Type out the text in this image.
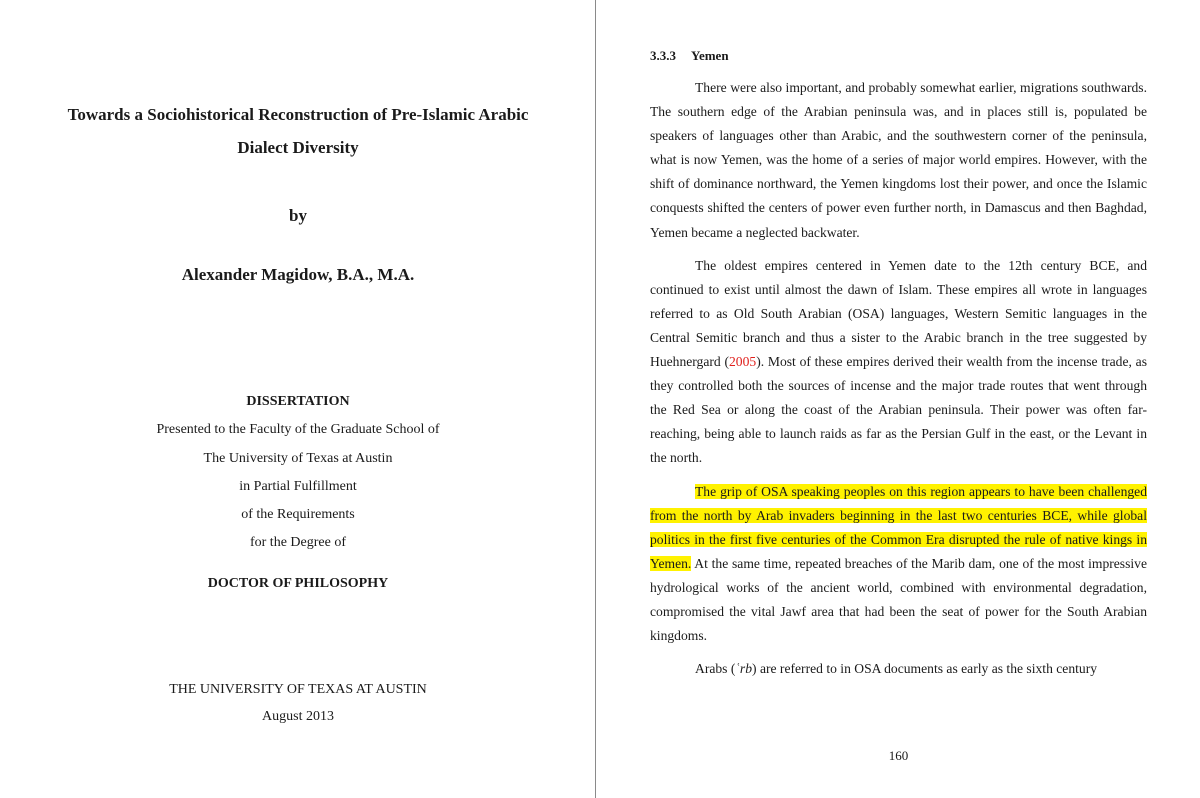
Towards a Sociohistorical Reconstruction of Pre-Islamic Arabic
Dialect Diversity
by
Alexander Magidow, B.A., M.A.
DISSERTATION
Presented to the Faculty of the Graduate School of
The University of Texas at Austin
in Partial Fulfillment
of the Requirements
for the Degree of
DOCTOR OF PHILOSOPHY
THE UNIVERSITY OF TEXAS AT AUSTIN
August 2013
3.3.3 Yemen

There were also important, and probably somewhat earlier, migrations southwards. The southern edge of the Arabian peninsula was, and in places still is, populated be speakers of languages other than Arabic, and the southwestern corner of the peninsula, what is now Yemen, was the home of a series of major world empires. However, with the shift of dominance northward, the Yemen kingdoms lost their power, and once the Islamic conquests shifted the centers of power even further north, in Damascus and then Baghdad, Yemen became a neglected backwater.

The oldest empires centered in Yemen date to the 12th century BCE, and continued to exist until almost the dawn of Islam. These empires all wrote in languages referred to as Old South Arabian (OSA) languages, Western Semitic languages in the Central Semitic branch and thus a sister to the Arabic branch in the tree suggested by Huehnergard (2005). Most of these empires derived their wealth from the incense trade, as they controlled both the sources of incense and the major trade routes that went through the Red Sea or along the coast of the Arabian peninsula. Their power was often far-reaching, being able to launch raids as far as the Persian Gulf in the east, or the Levant in the north.

The grip of OSA speaking peoples on this region appears to have been challenged from the north by Arab invaders beginning in the last two centuries BCE, while global politics in the first five centuries of the Common Era disrupted the rule of native kings in Yemen. At the same time, repeated breaches of the Marib dam, one of the most impressive hydrological works of the ancient world, combined with environmental degradation, compromised the vital Jawf area that had been the seat of power for the South Arabian kingdoms.

Arabs (ʿrb) are referred to in OSA documents as early as the sixth century

160
